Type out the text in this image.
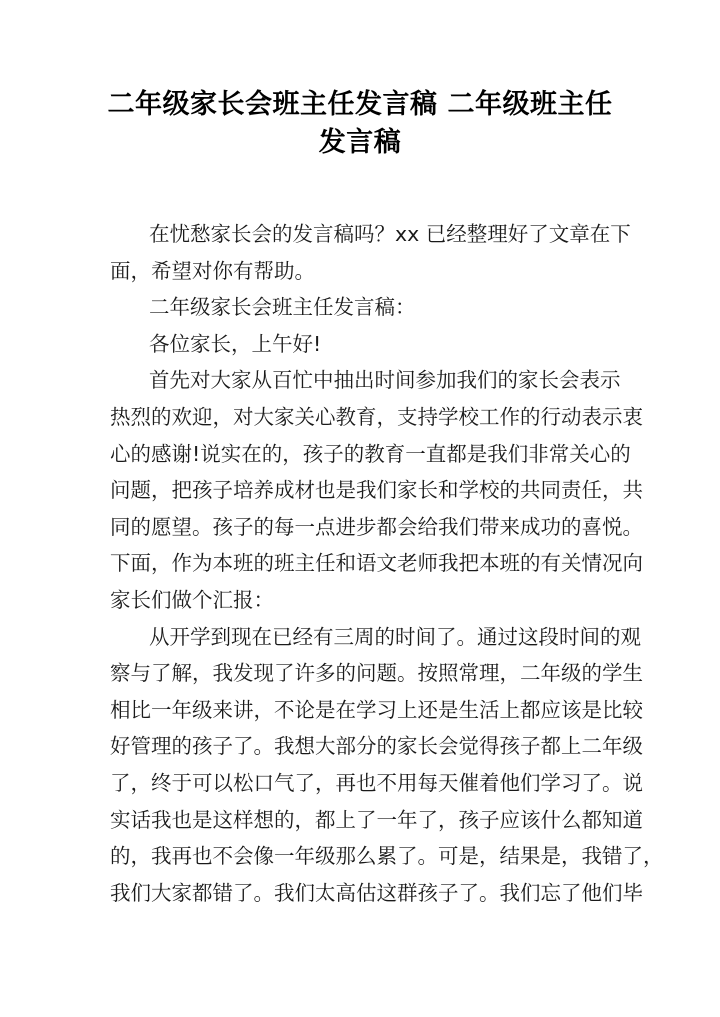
二年级家长会班主任发言稿 二年级班主任
发言稿
在忧愁家长会的发言稿吗？xx 已经整理好了文章在下
面，希望对你有帮助。
二年级家长会班主任发言稿：
各位家长，上午好!
首先对大家从百忙中抽出时间参加我们的家长会表示
热烈的欢迎，对大家关心教育，支持学校工作的行动表示衷
心的感谢!说实在的，孩子的教育一直都是我们非常关心的
问题，把孩子培养成材也是我们家长和学校的共同责任，共
同的愿望。孩子的每一点进步都会给我们带来成功的喜悦。
下面，作为本班的班主任和语文老师我把本班的有关情况向
家长们做个汇报：
从开学到现在已经有三周的时间了。通过这段时间的观
察与了解，我发现了许多的问题。按照常理，二年级的学生
相比一年级来讲，不论是在学习上还是生活上都应该是比较
好管理的孩子了。我想大部分的家长会觉得孩子都上二年级
了，终于可以松口气了，再也不用每天催着他们学习了。说
实话我也是这样想的，都上了一年了，孩子应该什么都知道
的，我再也不会像一年级那么累了。可是，结果是，我错了，
我们大家都错了。我们太高估这群孩子了。我们忘了他们毕
